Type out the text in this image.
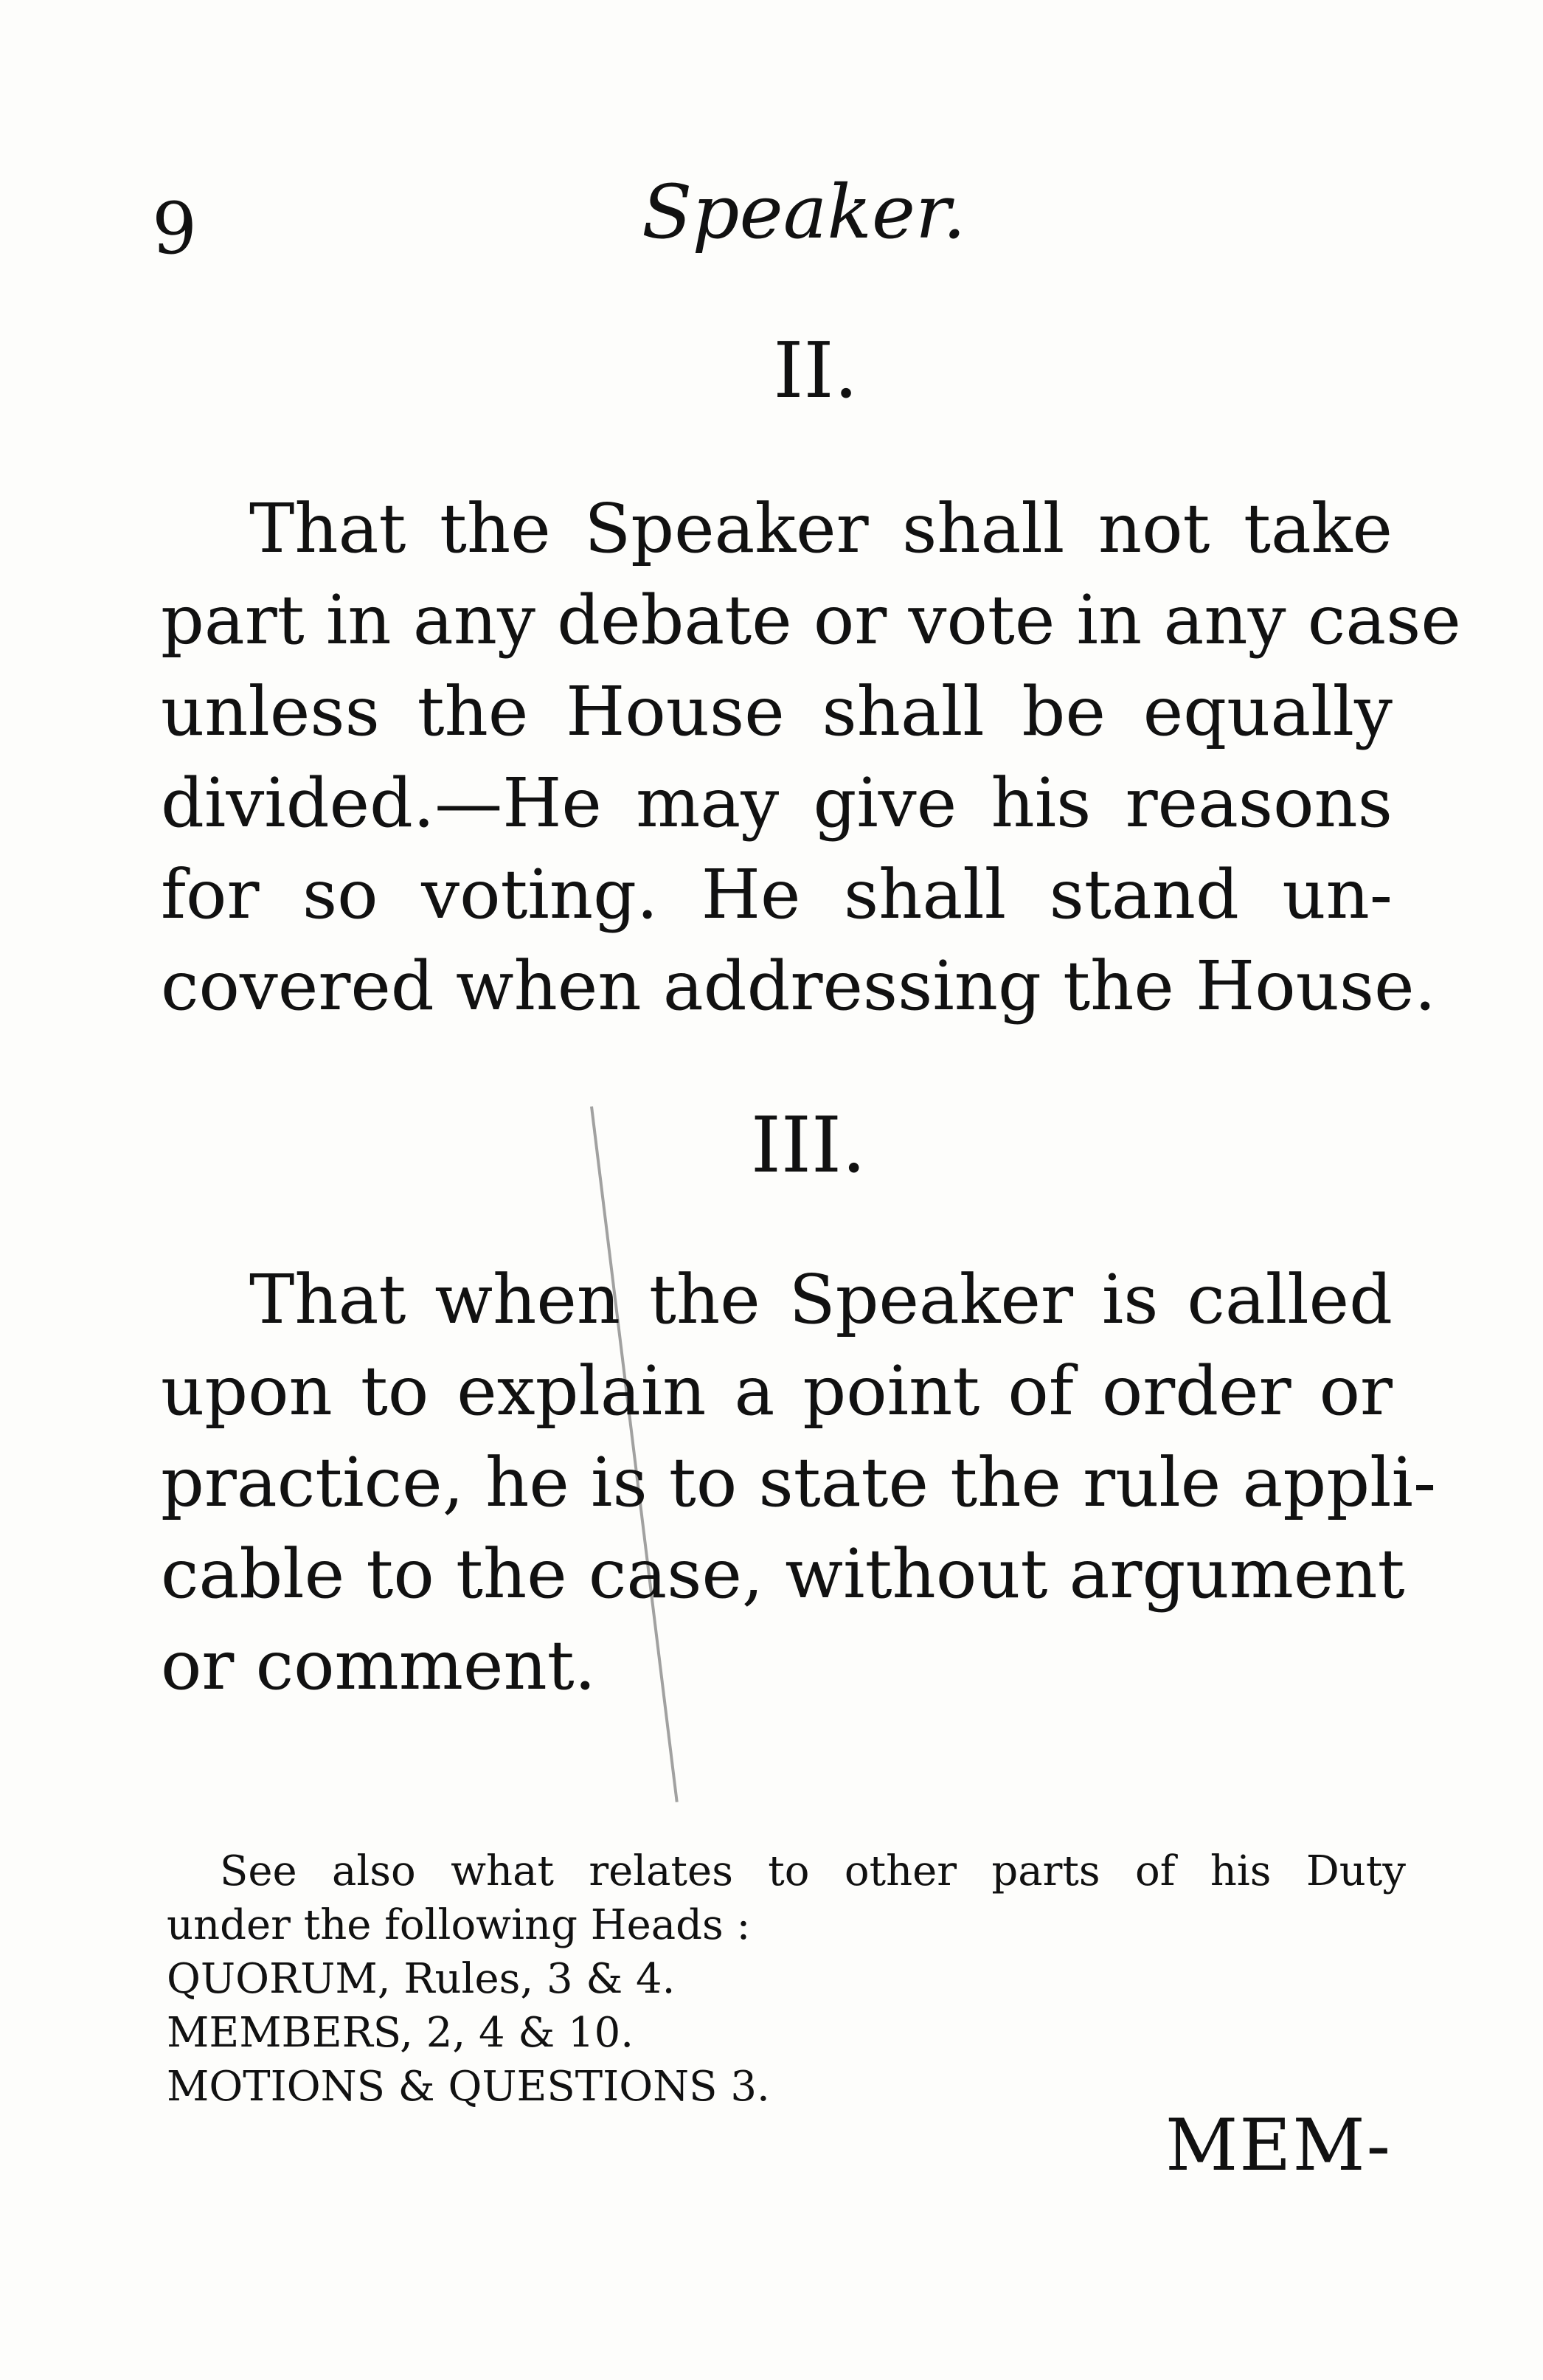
9	Speaker.
II.
That the Speaker shall not take
part in any debate or vote in any case
unless the House shall be equally
divided.—He may give his reasons
for so voting. He shall stand un-
covered when addressing the House.
III.
That when the Speaker is called
upon to explain a point of order or
practice, he is to state the rule appli-
cable to the case, without argument
or comment.
See also what relates to other parts of his Duty
under the following Heads :
QUORUM, Rules, 3 & 4.
MEMBERS, 2, 4 & 10.
MOTIONS & QUESTIONS 3.
MEM-
